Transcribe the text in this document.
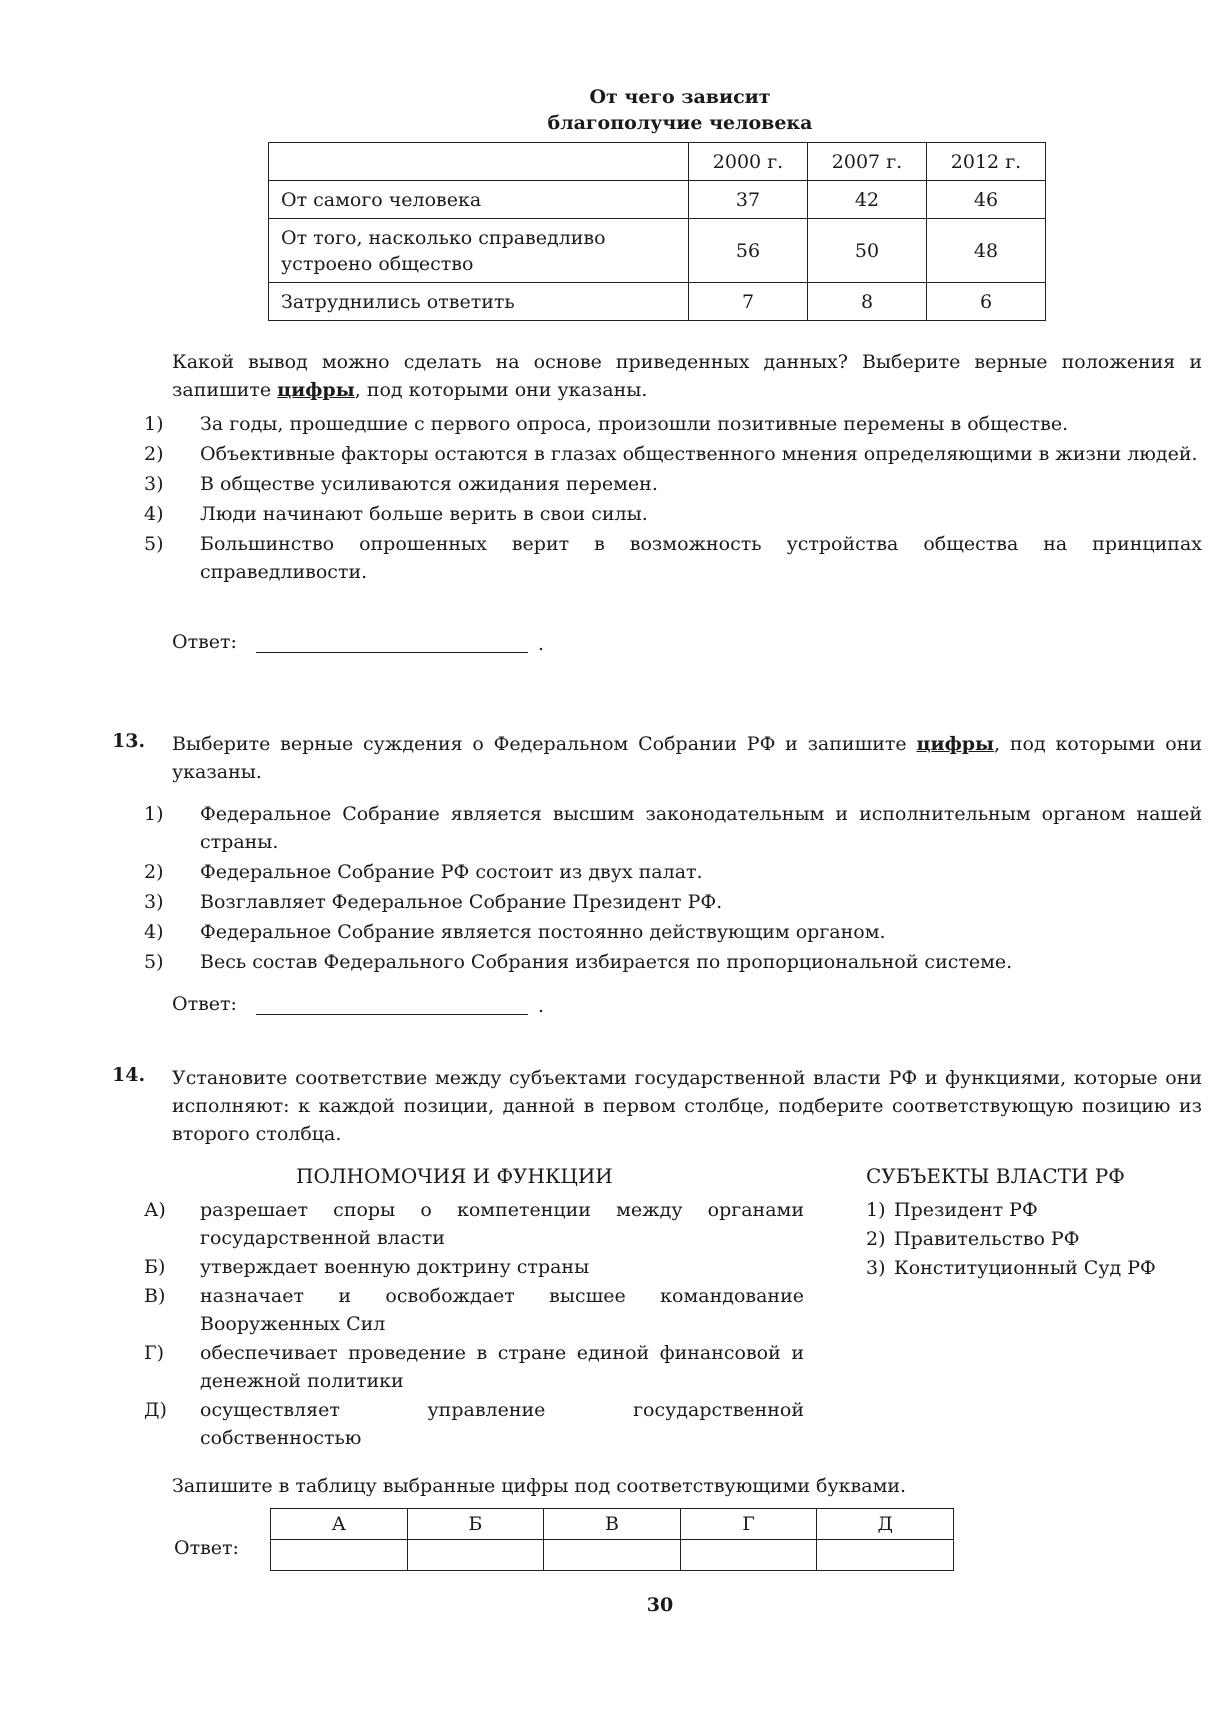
От чего зависит
благополучие человека
	2000 г.	2007 г.	2012 г.
От самого человека	37	42	46
От того, насколько справедливо устроено общество	56	50	48
Затруднились ответить	7	8	6
Какой вывод можно сделать на основе приведенных данных? Выберите верные положения и запишите цифры, под которыми они указаны.
1) За годы, прошедшие с первого опроса, произошли позитивные перемены в обществе.
2) Объективные факторы остаются в глазах общественного мнения определяющими в жизни людей.
3) В обществе усиливаются ожидания перемен.
4) Люди начинают больше верить в свои силы.
5) Большинство опрошенных верит в возможность устройства общества на принципах справедливости.
Ответ:	.
13. Выберите верные суждения о Федеральном Собрании РФ и запишите цифры, под которыми они указаны.
1) Федеральное Собрание является высшим законодательным и исполнительным органом нашей страны.
2) Федеральное Собрание РФ состоит из двух палат.
3) Возглавляет Федеральное Собрание Президент РФ.
4) Федеральное Собрание является постоянно действующим органом.
5) Весь состав Федерального Собрания избирается по пропорциональной системе.
Ответ:	.
14. Установите соответствие между субъектами государственной власти РФ и функциями, которые они исполняют: к каждой позиции, данной в первом столбце, подберите соответствующую позицию из второго столбца.
ПОЛНОМОЧИЯ И ФУНКЦИИ	СУБЪЕКТЫ ВЛАСТИ РФ
А) разрешает споры о компетенции между органами государственной власти
Б) утверждает военную доктрину страны
В) назначает и освобождает высшее командование Вооруженных Сил
Г) обеспечивает проведение в стране единой финансовой и денежной политики
Д) осуществляет управление государственной собственностью
1) Президент РФ
2) Правительство РФ
3) Конституционный Суд РФ
Запишите в таблицу выбранные цифры под соответствующими буквами.
Ответ:
А	Б	В	Г	Д

30
